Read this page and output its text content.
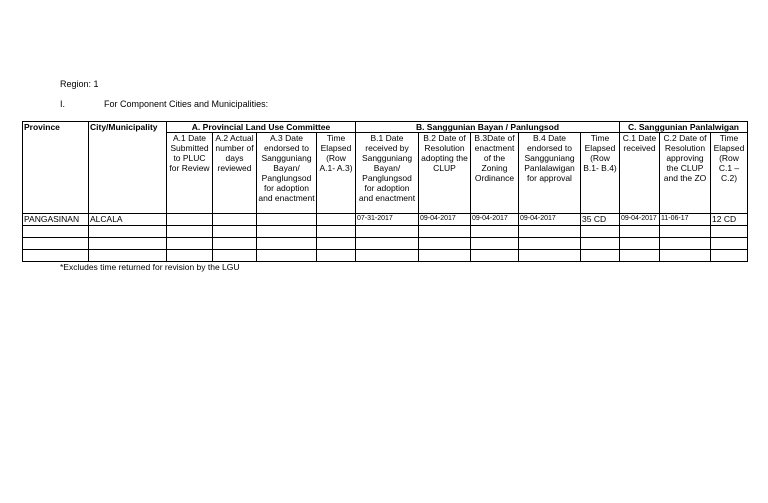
Region: 1
I.	For Component Cities and Municipalities:
Province	City/Municipality	A. Provincial Land Use Committee				B. Sanggunian Bayan / Panlungsod					C. Sanggunian Panlalwigan		
		A.1 Date Submitted to PLUC for Review	A.2 Actual number of days reviewed	A.3 Date endorsed to Sangguniang Bayan/ Panglungsod for adoption and enactment	Time Elapsed (Row A.1- A.3)	B.1 Date received by Sangguniang Bayan/ Panglungsod for adoption and enactment	B.2 Date of Resolution adopting the CLUP	B.3Date of enactment of the Zoning Ordinance	B.4 Date endorsed to Sangguniang Panlalawigan for approval	Time Elapsed (Row B.1- B.4)	C.1 Date received	C.2 Date of Resolution approving the CLUP and the ZO	Time Elapsed (Row C.1 – C.2)
PANGASINAN	ALCALA					07-31-2017	09-04-2017	09-04-2017	09-04-2017	35 CD	09-04-2017	11-06-17	12 CD

*Excludes time returned for revision by the LGU
